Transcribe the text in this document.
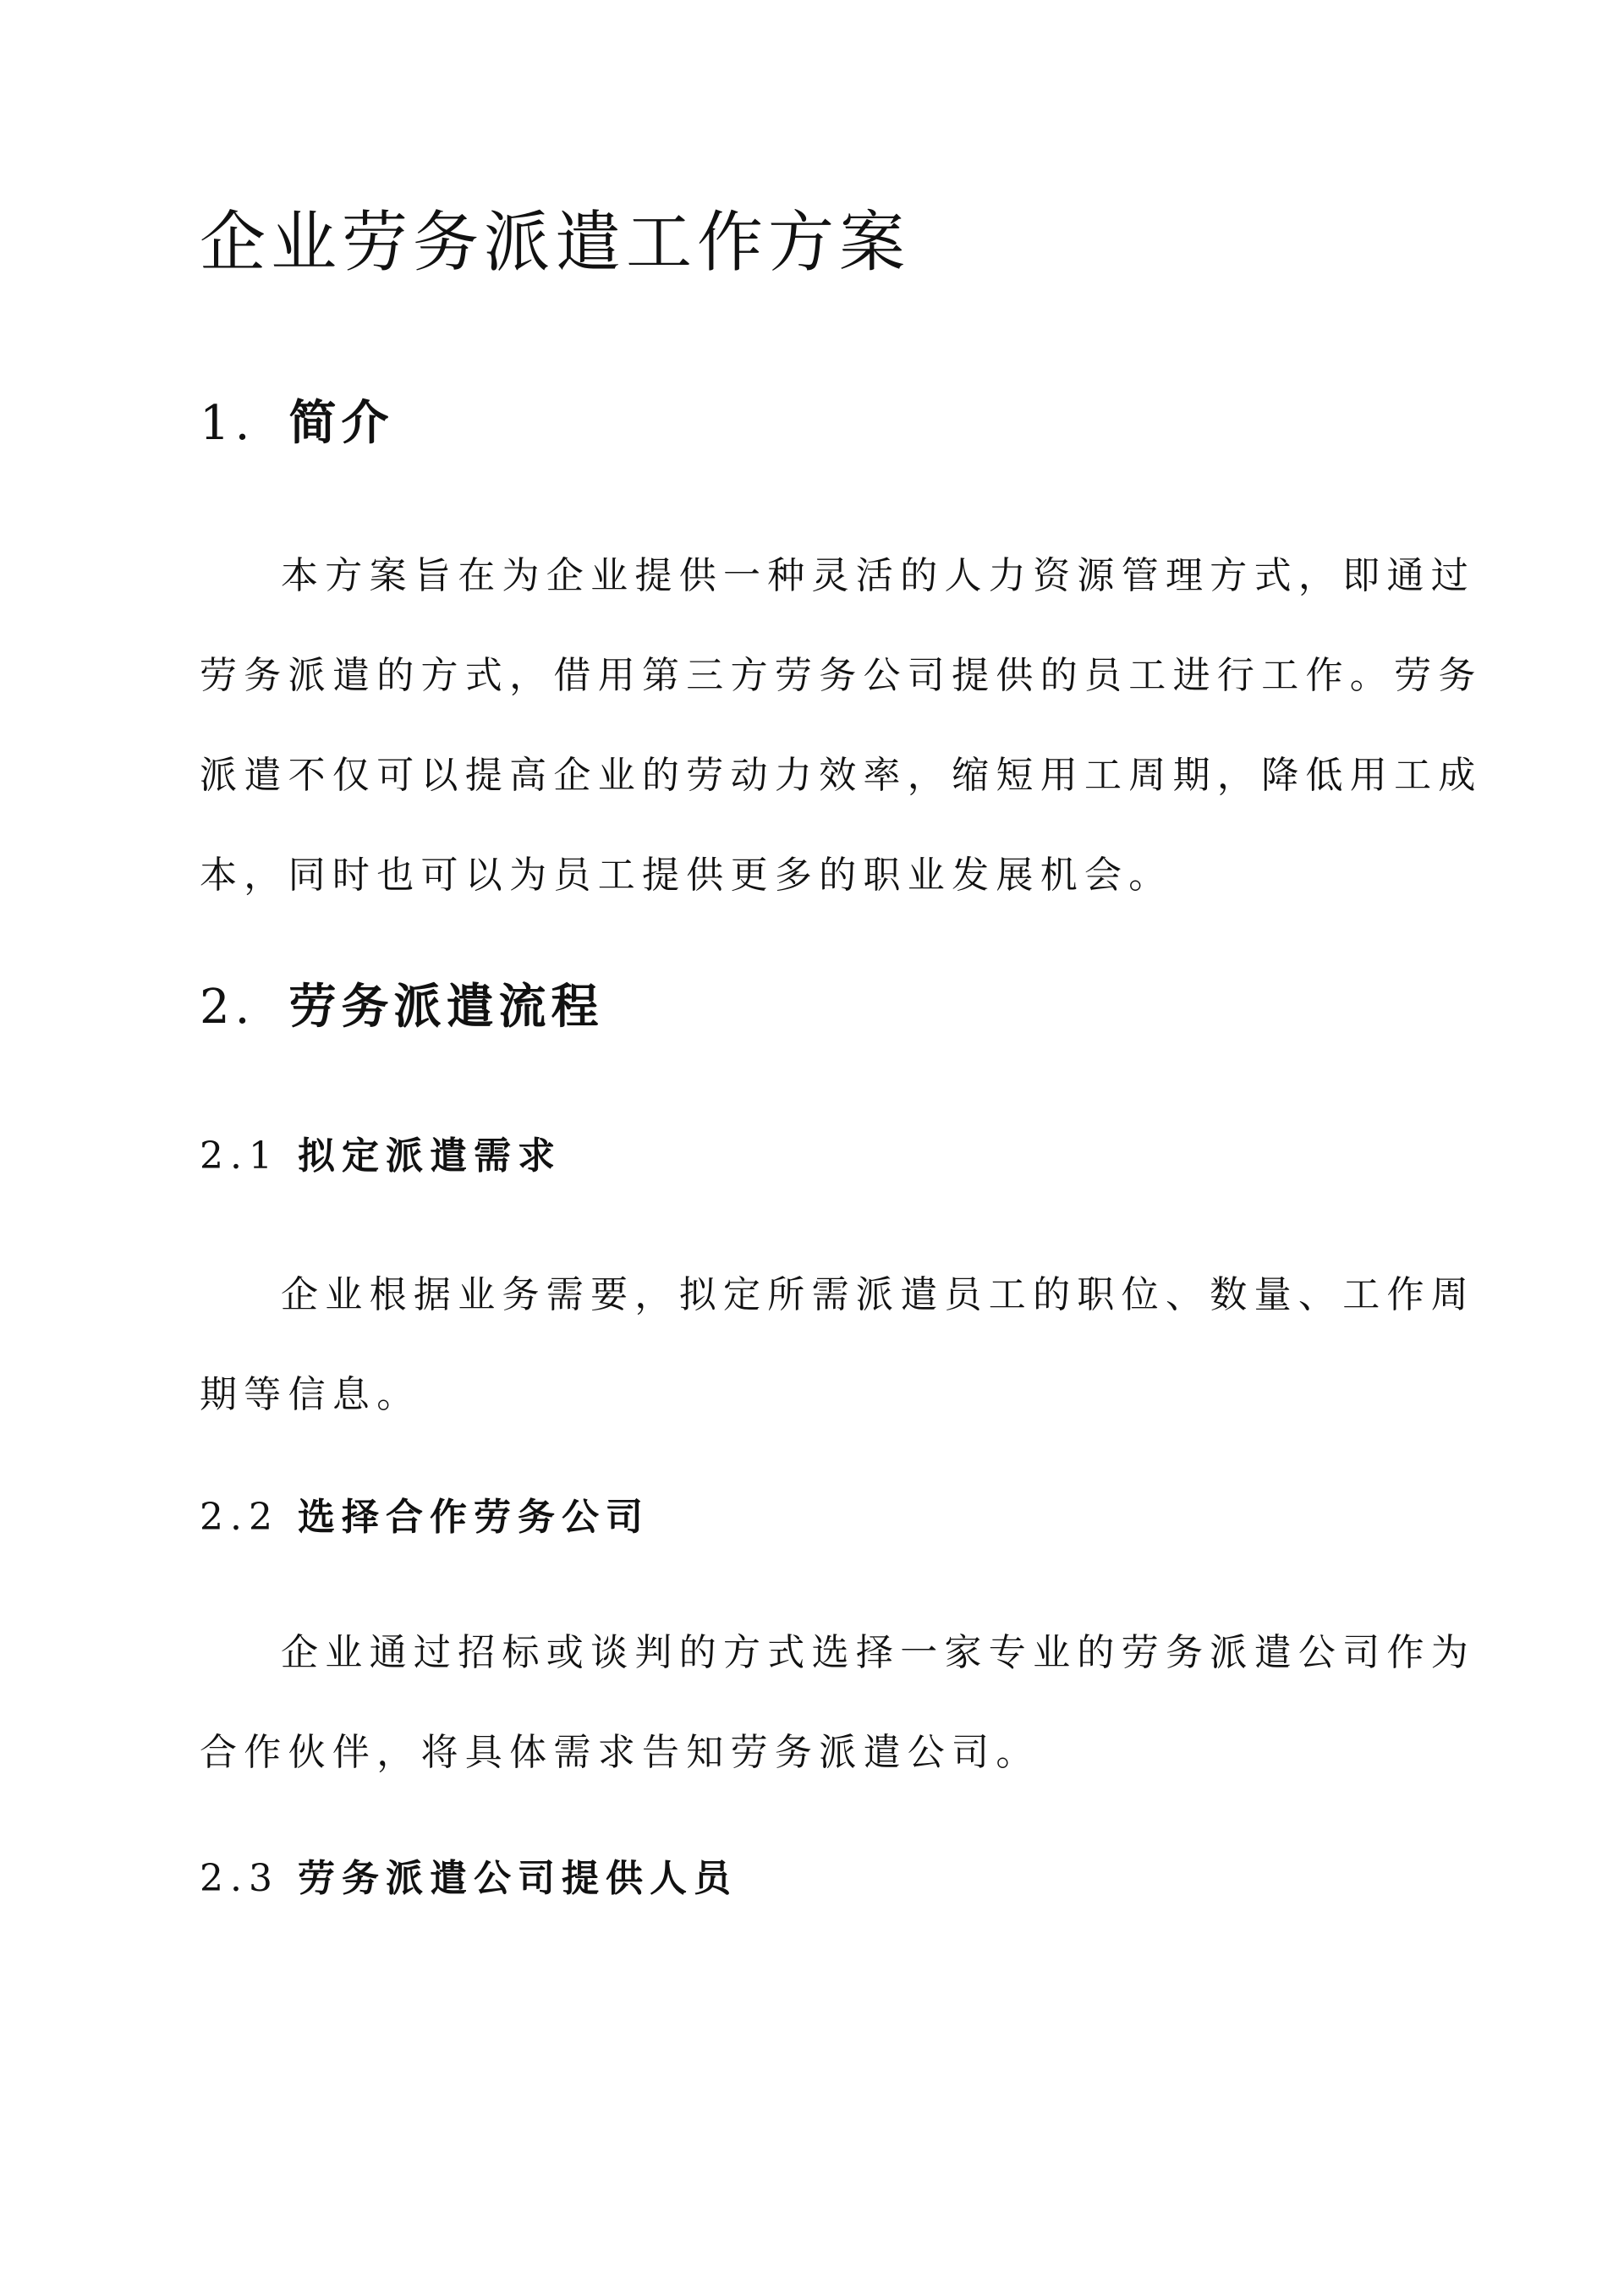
企业劳务派遣工作方案
1. 简介
本方案旨在为企业提供一种灵活的人力资源管理方式，即通过
劳务派遣的方式，借用第三方劳务公司提供的员工进行工作。劳务
派遣不仅可以提高企业的劳动力效率，缩短用工周期，降低用工成
本，同时也可以为员工提供更多的职业发展机会。
2. 劳务派遣流程
2.1 拟定派遣需求
企业根据业务需要，拟定所需派遣员工的职位、数量、工作周
期等信息。
2.2 选择合作劳务公司
企业通过招标或谈判的方式选择一家专业的劳务派遣公司作为
合作伙伴，将具体需求告知劳务派遣公司。
2.3 劳务派遣公司提供人员
